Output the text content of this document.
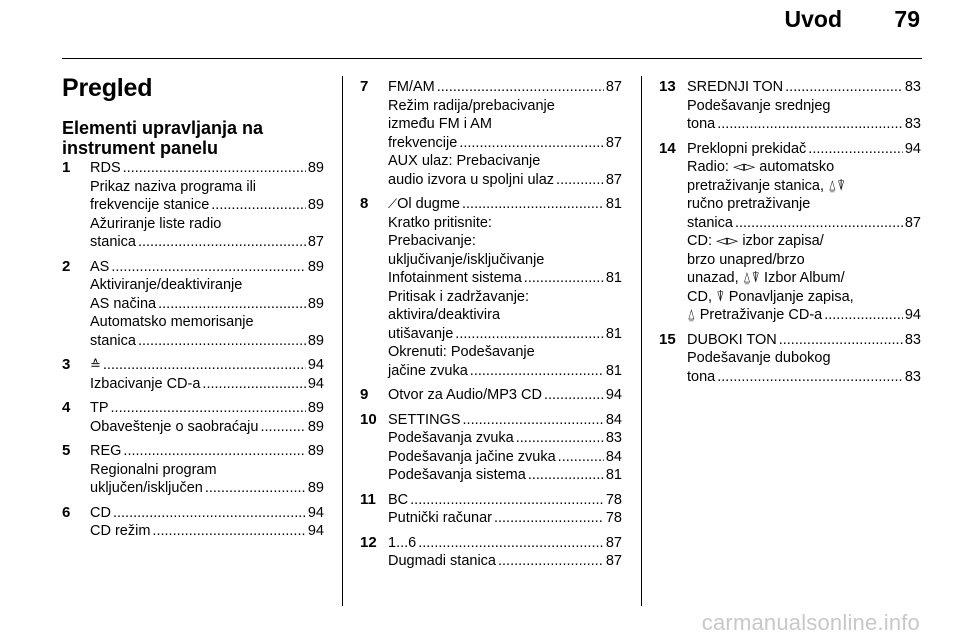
Uvod 79
Pregled
Elementi upravljanja na instrument panelu
1 RDS .....	89
Prikaz naziva programa ili
frekvencije stanice .....	89
Ažuriranje liste radio
stanica .....	87
2 AS .....	89
Aktiviranje/deaktiviranje
AS načina .....	89
Automatsko memorisanje
stanica .....	89
3 ≙ .....	94
Izbacivanje CD-a .....	94
4 TP .....	89
Obaveštenje o saobraćaju .....	89
5 REG .....	89
Regionalni program
uključen/isključen .....	89
6 CD .....	94
CD režim .....	94
7 FM/AM .....	87
Režim radija/prebacivanje
između FM i AM
frekvencije .....	87
AUX ulaz: Prebacivanje
audio izvora u spoljni ulaz .....	87
8 ⟋ Ol dugme .....	81
Kratko pritisnite:
Prebacivanje:
uključivanje/isključivanje
Infotainment sistema .....	81
Pritisak i zadržavanje:
aktivira/deaktivira
utišavanje .....	81
Okrenuti: Podešavanje
jačine zvuka .....	81
9 Otvor za Audio/MP3 CD .....	94
10 SETTINGS .....	84
Podešavanja zvuka .....	83
Podešavanja jačine zvuka .....	84
Podešavanja sistema .....	81
11 BC .....	78
Putnički računar .....	78
12 1...6 .....	87
Dugmadi stanica .....	87
13 SREDNJI TON .....	83
Podešavanje srednjeg
tona .....	83
14 Preklopni prekidač .....	94
Radio: ◅▻ automatsko
pretraživanje stanica, ⍙⍒
ručno pretraživanje
stanica .....	87
CD: ◅▻ izbor zapisa/
brzo unapred/brzo
unazad, ⍙⍒ Izbor Album/
CD, ⍒ Ponavljanje zapisa,
⍙ Pretraživanje CD-a .....	94
15 DUBOKI TON .....	83
Podešavanje dubokog
tona .....	83
carmanualsonline.info
